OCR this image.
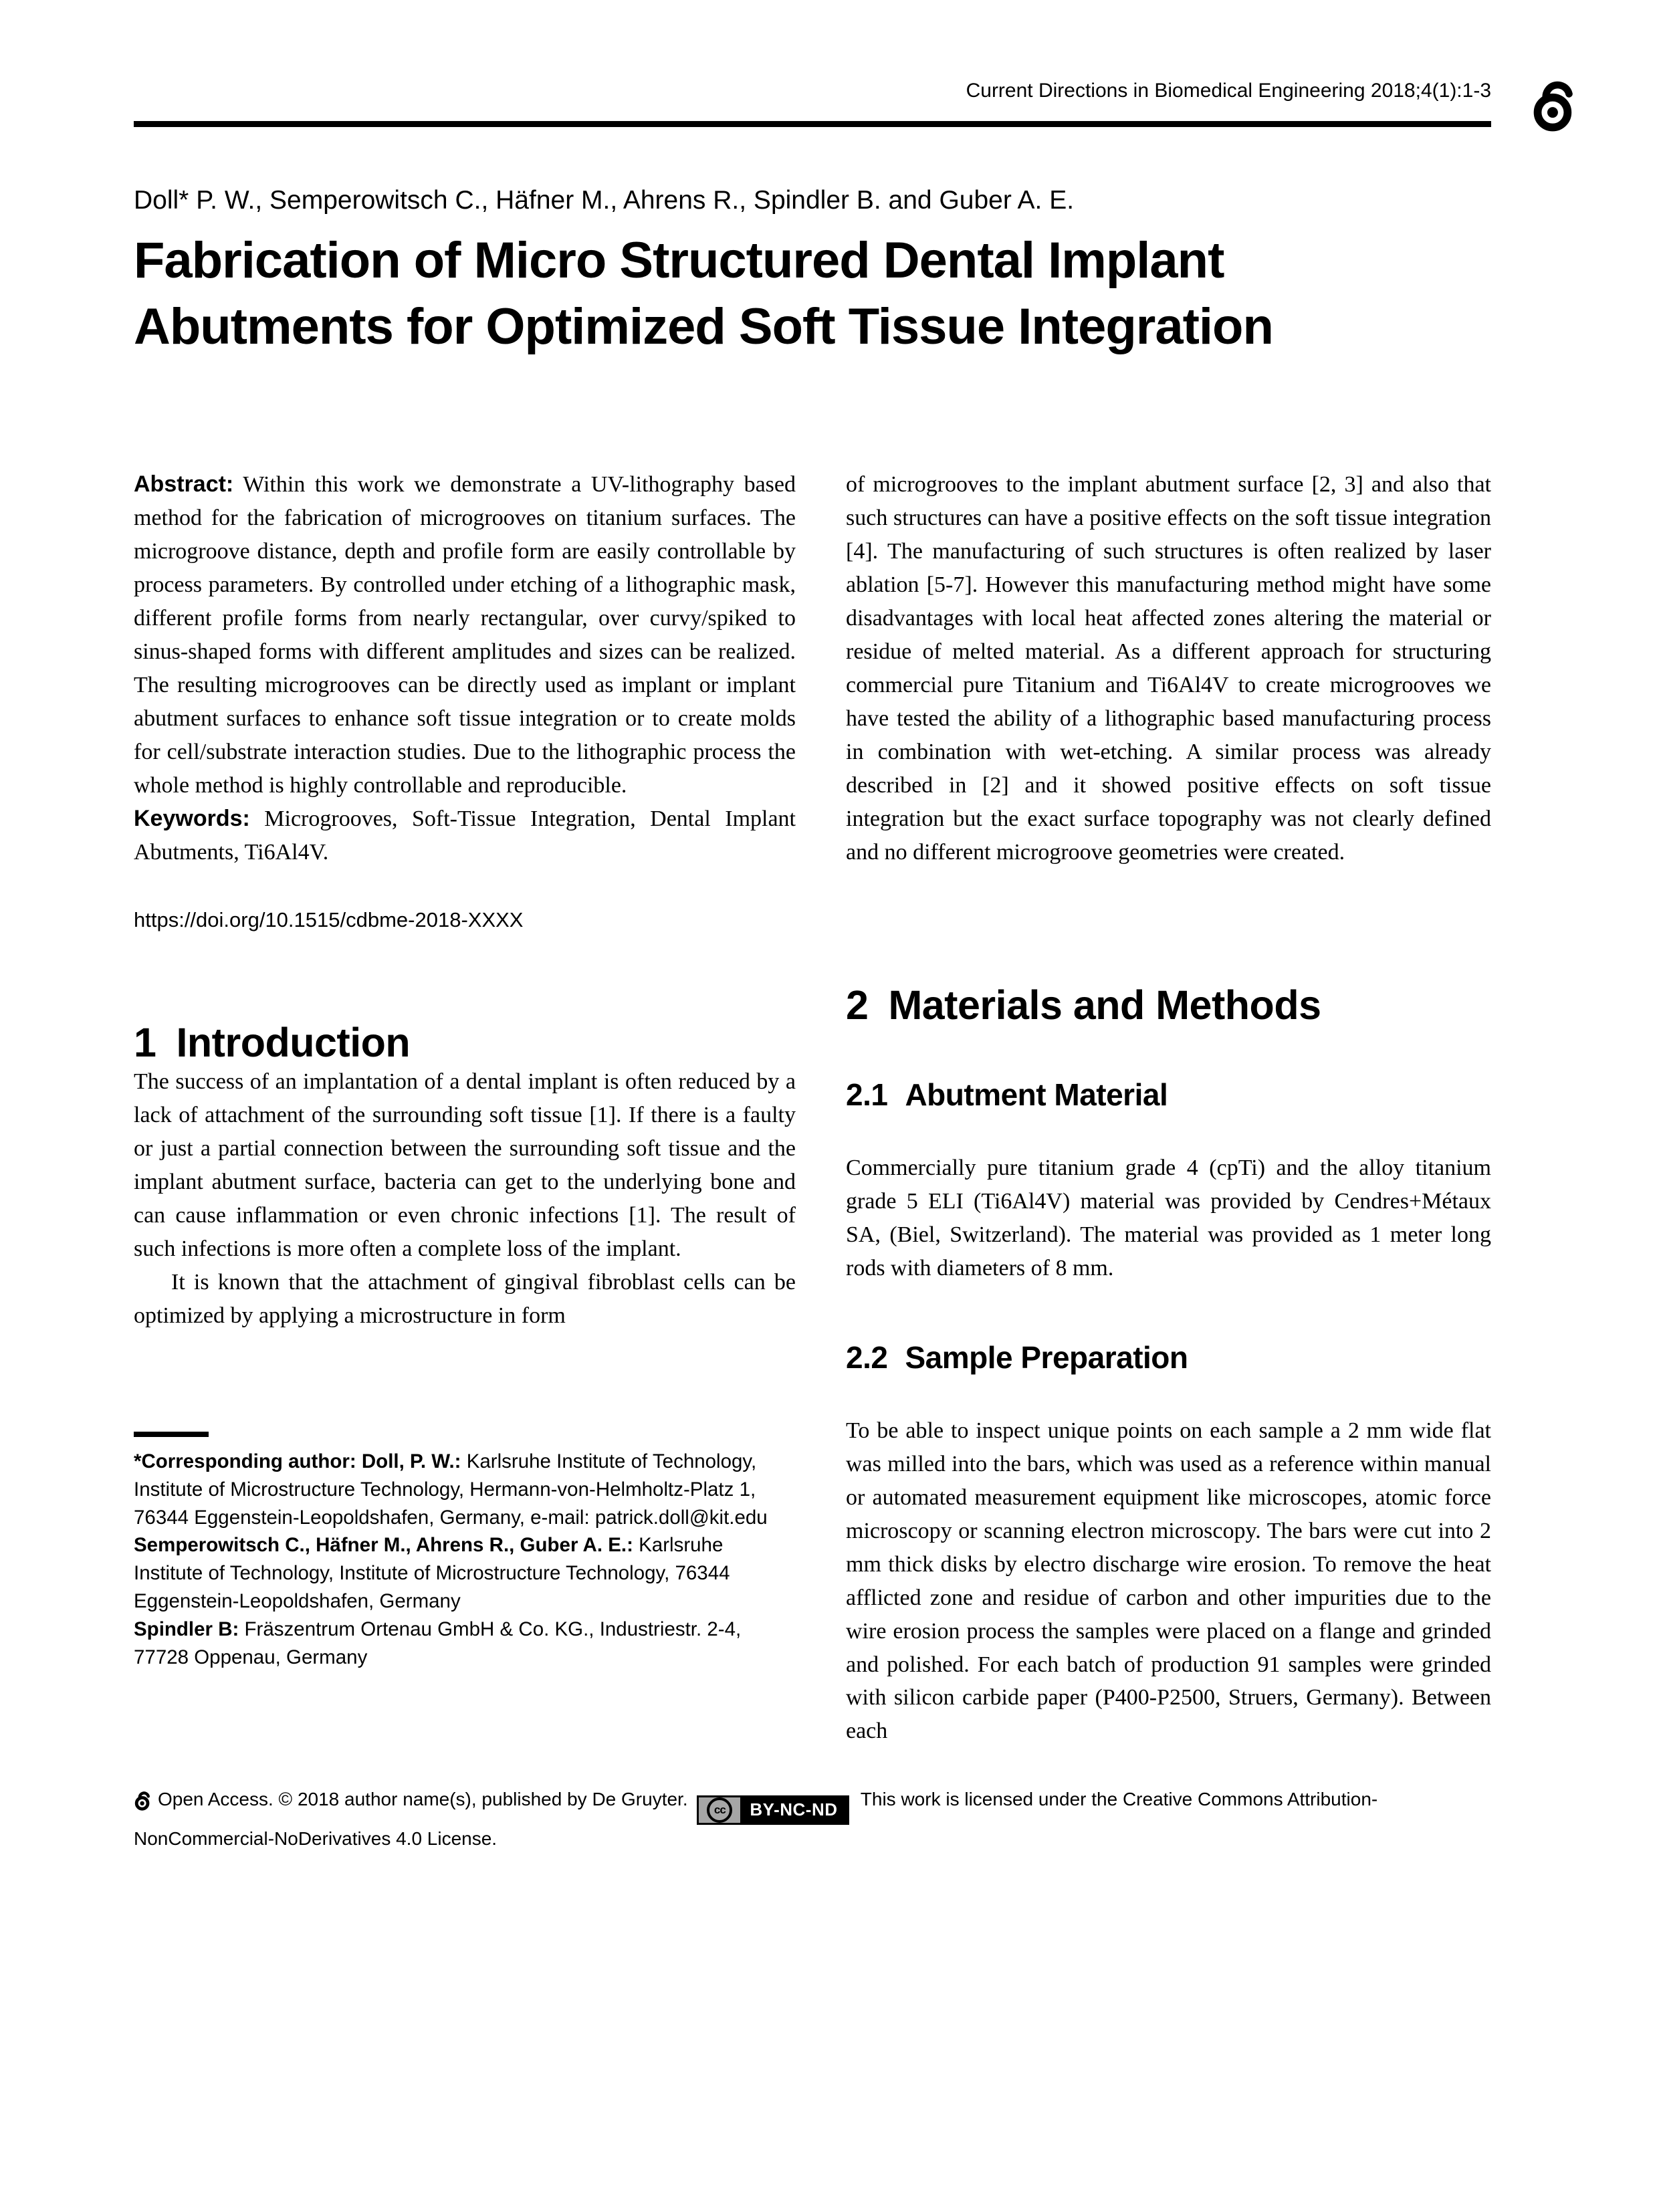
Current Directions in Biomedical Engineering 2018;4(1):1-3
Doll* P. W., Semperowitsch C., Häfner M., Ahrens R., Spindler B. and Guber A. E.
Fabrication of Micro Structured Dental Implant Abutments for Optimized Soft Tissue Integration

Abstract: Within this work we demonstrate a UV-lithography based method for the fabrication of microgrooves on titanium surfaces. The microgroove distance, depth and profile form are easily controllable by process parameters. By controlled under etching of a lithographic mask, different profile forms from nearly rectangular, over curvy/spiked to sinus-shaped forms with different amplitudes and sizes can be realized. The resulting microgrooves can be directly used as implant or implant abutment surfaces to enhance soft tissue integration or to create molds for cell/substrate interaction studies. Due to the lithographic process the whole method is highly controllable and reproducible.

Keywords: Microgrooves, Soft-Tissue Integration, Dental Implant Abutments, Ti6Al4V.

https://doi.org/10.1515/cdbme-2018-XXXX
1 Introduction

The success of an implantation of a dental implant is often reduced by a lack of attachment of the surrounding soft tissue [1]. If there is a faulty or just a partial connection between the surrounding soft tissue and the implant abutment surface, bacteria can get to the underlying bone and can cause inflammation or even chronic infections [1]. The result of such infections is more often a complete loss of the implant.

It is known that the attachment of gingival fibroblast cells can be optimized by applying a microstructure in form

*Corresponding author: Doll, P. W.: Karlsruhe Institute of Technology, Institute of Microstructure Technology, Hermann-von-Helmholtz-Platz 1, 76344 Eggenstein-Leopoldshafen, Germany, e-mail: patrick.doll@kit.edu

Semperowitsch C., Häfner M., Ahrens R., Guber A. E.: Karlsruhe Institute of Technology, Institute of Microstructure Technology, 76344 Eggenstein-Leopoldshafen, Germany

Spindler B: Fräszentrum Ortenau GmbH & Co. KG., Industriestr. 2-4, 77728 Oppenau, Germany

of microgrooves to the implant abutment surface [2, 3] and also that such structures can have a positive effects on the soft tissue integration [4]. The manufacturing of such structures is often realized by laser ablation [5-7]. However this manufacturing method might have some disadvantages with local heat affected zones altering the material or residue of melted material. As a different approach for structuring commercial pure Titanium and Ti6Al4V to create microgrooves we have tested the ability of a lithographic based manufacturing process in combination with wet-etching. A similar process was already described in [2] and it showed positive effects on soft tissue integration but the exact surface topography was not clearly defined and no different microgroove geometries were created.

2 Materials and Methods
2.1 Abutment Material

Commercially pure titanium grade 4 (cpTi) and the alloy titanium grade 5 ELI (Ti6Al4V) material was provided by Cendres+Métaux SA, (Biel, Switzerland). The material was provided as 1 meter long rods with diameters of 8 mm.

2.2 Sample Preparation

To be able to inspect unique points on each sample a 2 mm wide flat was milled into the bars, which was used as a reference within manual or automated measurement equipment like microscopes, atomic force microscopy or scanning electron microscopy. The bars were cut into 2 mm thick disks by electro discharge wire erosion. To remove the heat afflicted zone and residue of carbon and other impurities due to the wire erosion process the samples were placed on a flange and grinded and polished. For each batch of production 91 samples were grinded with silicon carbide paper (P400-P2500, Struers, Germany). Between each

Open Access. © 2018 author name(s), published by De Gruyter.
cc	BY-NC-ND	This work is licensed under the Creative Commons Attribution-NonCommercial-NoDerivatives 4.0 License.
